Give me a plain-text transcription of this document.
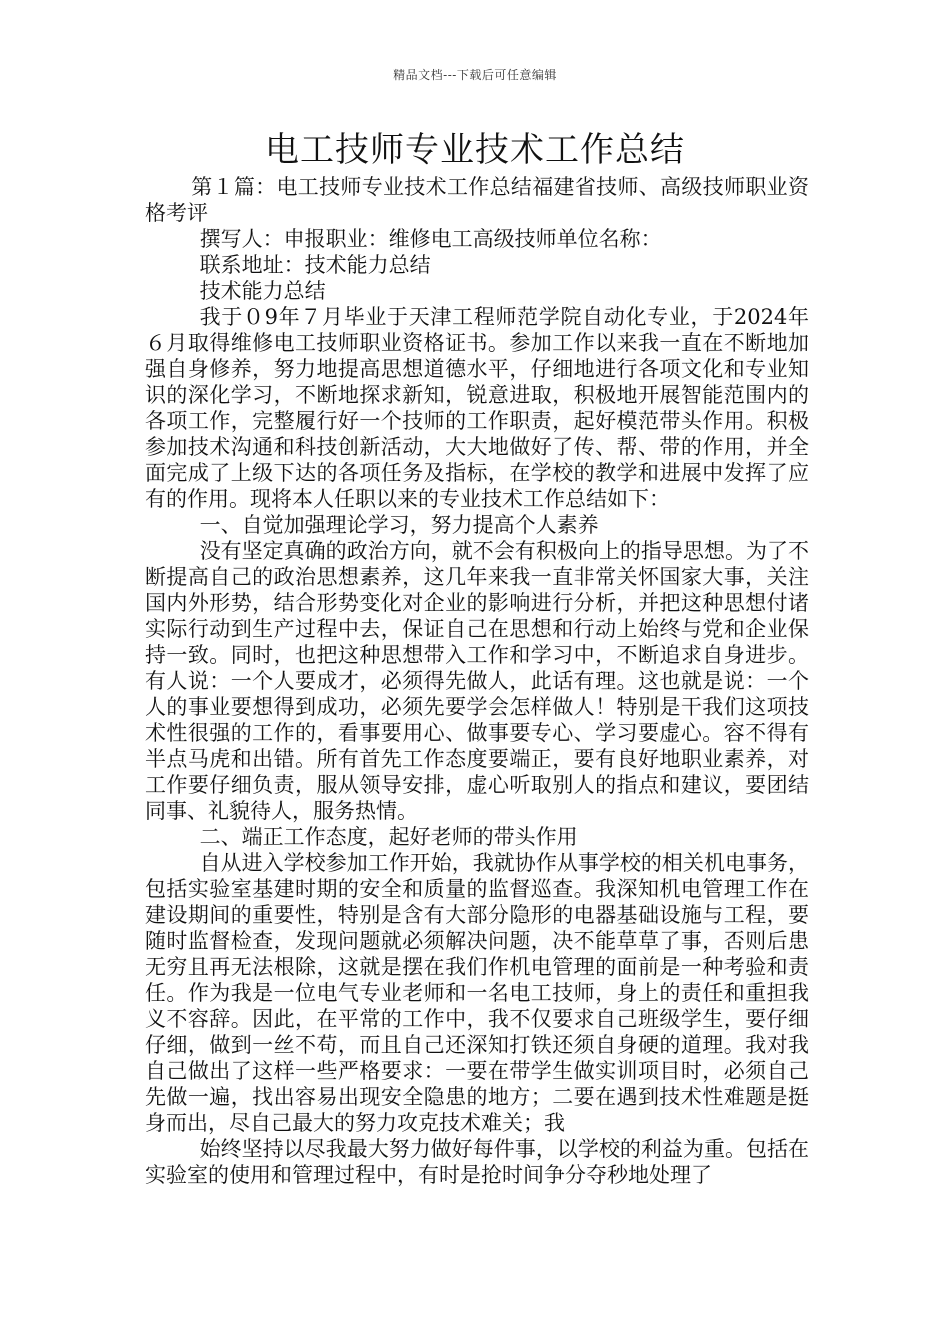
精品文档---下载后可任意编辑
电工技师专业技术工作总结

第１篇：电工技师专业技术工作总结福建省技师、高级技师职业资格考评

撰写人：申报职业：维修电工高级技师单位名称：

联系地址：技术能力总结

技术能力总结

我于０9年７月毕业于天津工程师范学院自动化专业，于2024年６月取得维修电工技师职业资格证书。参加工作以来我一直在不断地加强自身修养，努力地提高思想道德水平，仔细地进行各项文化和专业知识的深化学习，不断地探求新知，锐意进取，积极地开展智能范围内的各项工作，完整履行好一个技师的工作职责，起好模范带头作用。积极参加技术沟通和科技创新活动，大大地做好了传、帮、带的作用，并全面完成了上级下达的各项任务及指标，在学校的教学和进展中发挥了应有的作用。现将本人任职以来的专业技术工作总结如下：

一、自觉加强理论学习，努力提高个人素养

没有坚定真确的政治方向，就不会有积极向上的指导思想。为了不断提高自己的政治思想素养，这几年来我一直非常关怀国家大事，关注国内外形势，结合形势变化对企业的影响进行分析，并把这种思想付诸实际行动到生产过程中去，保证自己在思想和行动上始终与党和企业保持一致。同时，也把这种思想带入工作和学习中，不断追求自身进步。有人说：一个人要成才，必须得先做人，此话有理。这也就是说：一个人的事业要想得到成功，必须先要学会怎样做人！特别是干我们这项技术性很强的工作的，看事要用心、做事要专心、学习要虚心。容不得有半点马虎和出错。所有首先工作态度要端正，要有良好地职业素养，对工作要仔细负责，服从领导安排，虚心听取别人的指点和建议，要团结同事、礼貌待人，服务热情。

二、端正工作态度，起好老师的带头作用

自从进入学校参加工作开始，我就协作从事学校的相关机电事务，包括实验室基建时期的安全和质量的监督巡查。我深知机电管理工作在建设期间的重要性，特别是含有大部分隐形的电器基础设施与工程，要随时监督检查，发现问题就必须解决问题，决不能草草了事，否则后患无穷且再无法根除，这就是摆在我们作机电管理的面前是一种考验和责任。作为我是一位电气专业老师和一名电工技师，身上的责任和重担我义不容辞。因此，在平常的工作中，我不仅要求自己班级学生，要仔细仔细，做到一丝不苟，而且自己还深知打铁还须自身硬的道理。我对我自己做出了这样一些严格要求：一要在带学生做实训项目时，必须自己先做一遍，找出容易出现安全隐患的地方；二要在遇到技术性难题是挺身而出，尽自己最大的努力攻克技术难关；我

始终坚持以尽我最大努力做好每件事，以学校的利益为重。包括在实验室的使用和管理过程中，有时是抢时间争分夺秒地处理了
